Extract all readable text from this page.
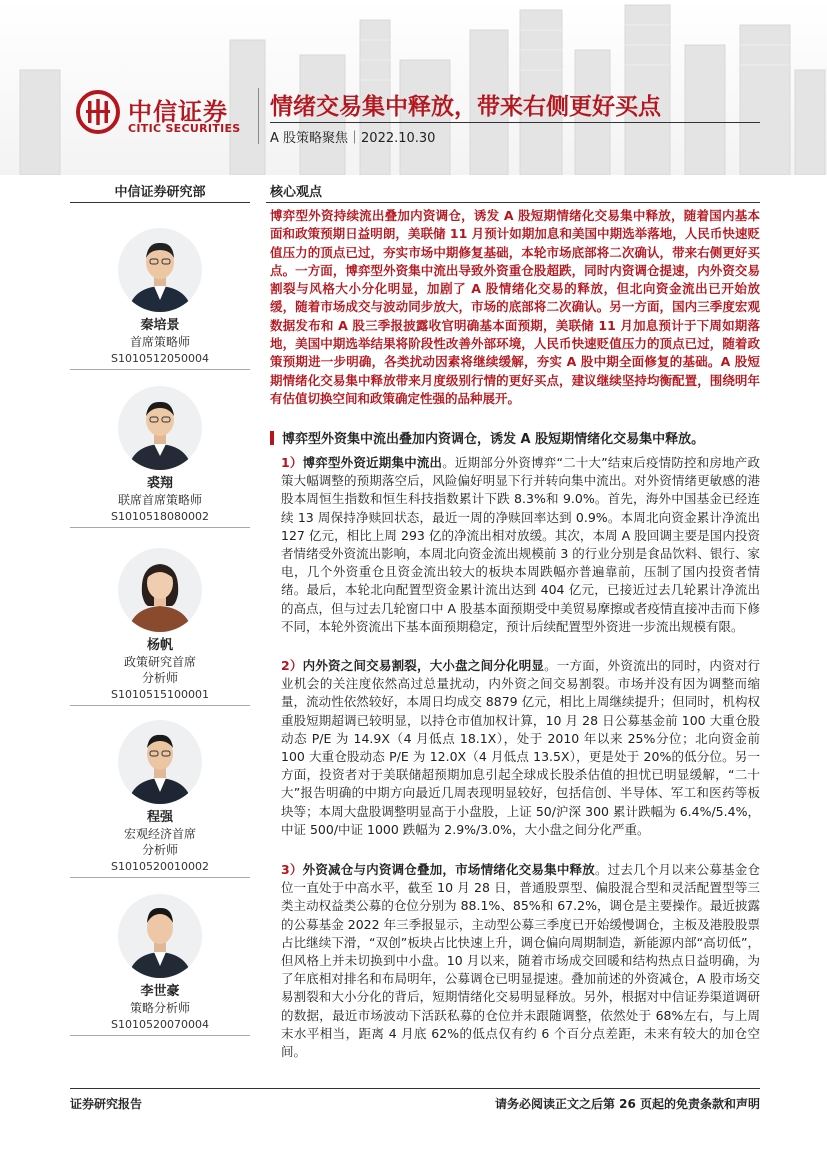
中信证券
CITIC SECURITIES
情绪交易集中释放，带来右侧更好买点
A 股策略聚焦｜2022.10.30
中信证券研究部
秦培景
首席策略师
S1010512050004
裘翔
联席首席策略师
S1010518080002
杨帆
政策研究首席
分析师
S1010515100001
程强
宏观经济首席
分析师
S1010520010002
李世豪
策略分析师
S1010520070004
核心观点
博弈型外资持续流出叠加内资调仓，诱发 A 股短期情绪化交易集中释放，随着国内基本面和政策预期日益明朗，美联储 11 月预计如期加息和美国中期选举落地，人民币快速贬值压力的顶点已过，夯实市场中期修复基础，本轮市场底部将二次确认，带来右侧更好买点。一方面，博弈型外资集中流出导致外资重仓股超跌，同时内资调仓提速，内外资交易割裂与风格大小分化明显，加剧了 A 股情绪化交易的释放，但北向资金流出已开始放缓，随着市场成交与波动同步放大，市场的底部将二次确认。另一方面，国内三季度宏观数据发布和 A 股三季报披露收官明确基本面预期，美联储 11 月加息预计于下周如期落地，美国中期选举结果将阶段性改善外部环境，人民币快速贬值压力的顶点已过，随着政策预期进一步明确，各类扰动因素将继续缓解，夯实 A 股中期全面修复的基础。A 股短期情绪化交易集中释放带来月度级别行情的更好买点，建议继续坚持均衡配置，围绕明年有估值切换空间和政策确定性强的品种展开。
博弈型外资集中流出叠加内资调仓，诱发 A 股短期情绪化交易集中释放。
1）博弈型外资近期集中流出。近期部分外资博弈“二十大”结束后疫情防控和房地产政策大幅调整的预期落空后，风险偏好明显下行并转向集中流出。对外资情绪更敏感的港股本周恒生指数和恒生科技指数累计下跌 8.3%和 9.0%。首先，海外中国基金已经连续 13 周保持净赎回状态，最近一周的净赎回率达到 0.9%。本周北向资金累计净流出 127 亿元，相比上周 293 亿的净流出相对放缓。其次，本周 A 股回调主要是国内投资者情绪受外资流出影响，本周北向资金流出规模前 3 的行业分别是食品饮料、银行、家电，几个外资重仓且资金流出较大的板块本周跌幅亦普遍靠前，压制了国内投资者情绪。最后，本轮北向配置型资金累计流出达到 404 亿元，已接近过去几轮累计净流出的高点，但与过去几轮窗口中 A 股基本面预期受中美贸易摩擦或者疫情直接冲击而下修不同，本轮外资流出下基本面预期稳定，预计后续配置型外资进一步流出规模有限。
2）内外资之间交易割裂，大小盘之间分化明显。一方面，外资流出的同时，内资对行业机会的关注度依然高过总量扰动，内外资之间交易割裂。市场并没有因为调整而缩量，流动性依然较好，本周日均成交 8879 亿元，相比上周继续提升；但同时，机构权重股短期超调已较明显，以持仓市值加权计算，10 月 28 日公募基金前 100 大重仓股动态 P/E 为 14.9X（4 月低点 18.1X），处于 2010 年以来 25%分位；北向资金前 100 大重仓股动态 P/E 为 12.0X（4 月低点 13.5X），更是处于 20%的低分位。另一方面，投资者对于美联储超预期加息引起全球成长股杀估值的担忧已明显缓解，“二十大”报告明确的中期方向最近几周表现明显较好，包括信创、半导体、军工和医药等板块等；本周大盘股调整明显高于小盘股，上证 50/沪深 300 累计跌幅为 6.4%/5.4%，中证 500/中证 1000 跌幅为 2.9%/3.0%，大小盘之间分化严重。
3）外资减仓与内资调仓叠加，市场情绪化交易集中释放。过去几个月以来公募基金仓位一直处于中高水平，截至 10 月 28 日，普通股票型、偏股混合型和灵活配置型等三类主动权益类公募的仓位分别为 88.1%、85%和 67.2%，调仓是主要操作。最近披露的公募基金 2022 年三季报显示，主动型公募三季度已开始缓慢调仓，主板及港股股票占比继续下滑，“双创”板块占比快速上升，调仓偏向周期制造，新能源内部“高切低”，但风格上并未切换到中小盘。10 月以来，随着市场成交回暖和结构热点日益明确，为了年底相对排名和布局明年，公募调仓已明显提速。叠加前述的外资减仓，A 股市场交易割裂和大小分化的背后，短期情绪化交易明显释放。另外，根据对中信证券渠道调研的数据，最近市场波动下活跃私募的仓位并未跟随调整，依然处于 68%左右，与上周末水平相当，距离 4 月底 62%的低点仅有约 6 个百分点差距，未来有较大的加仓空间。
证券研究报告	请务必阅读正文之后第 26 页起的免责条款和声明
